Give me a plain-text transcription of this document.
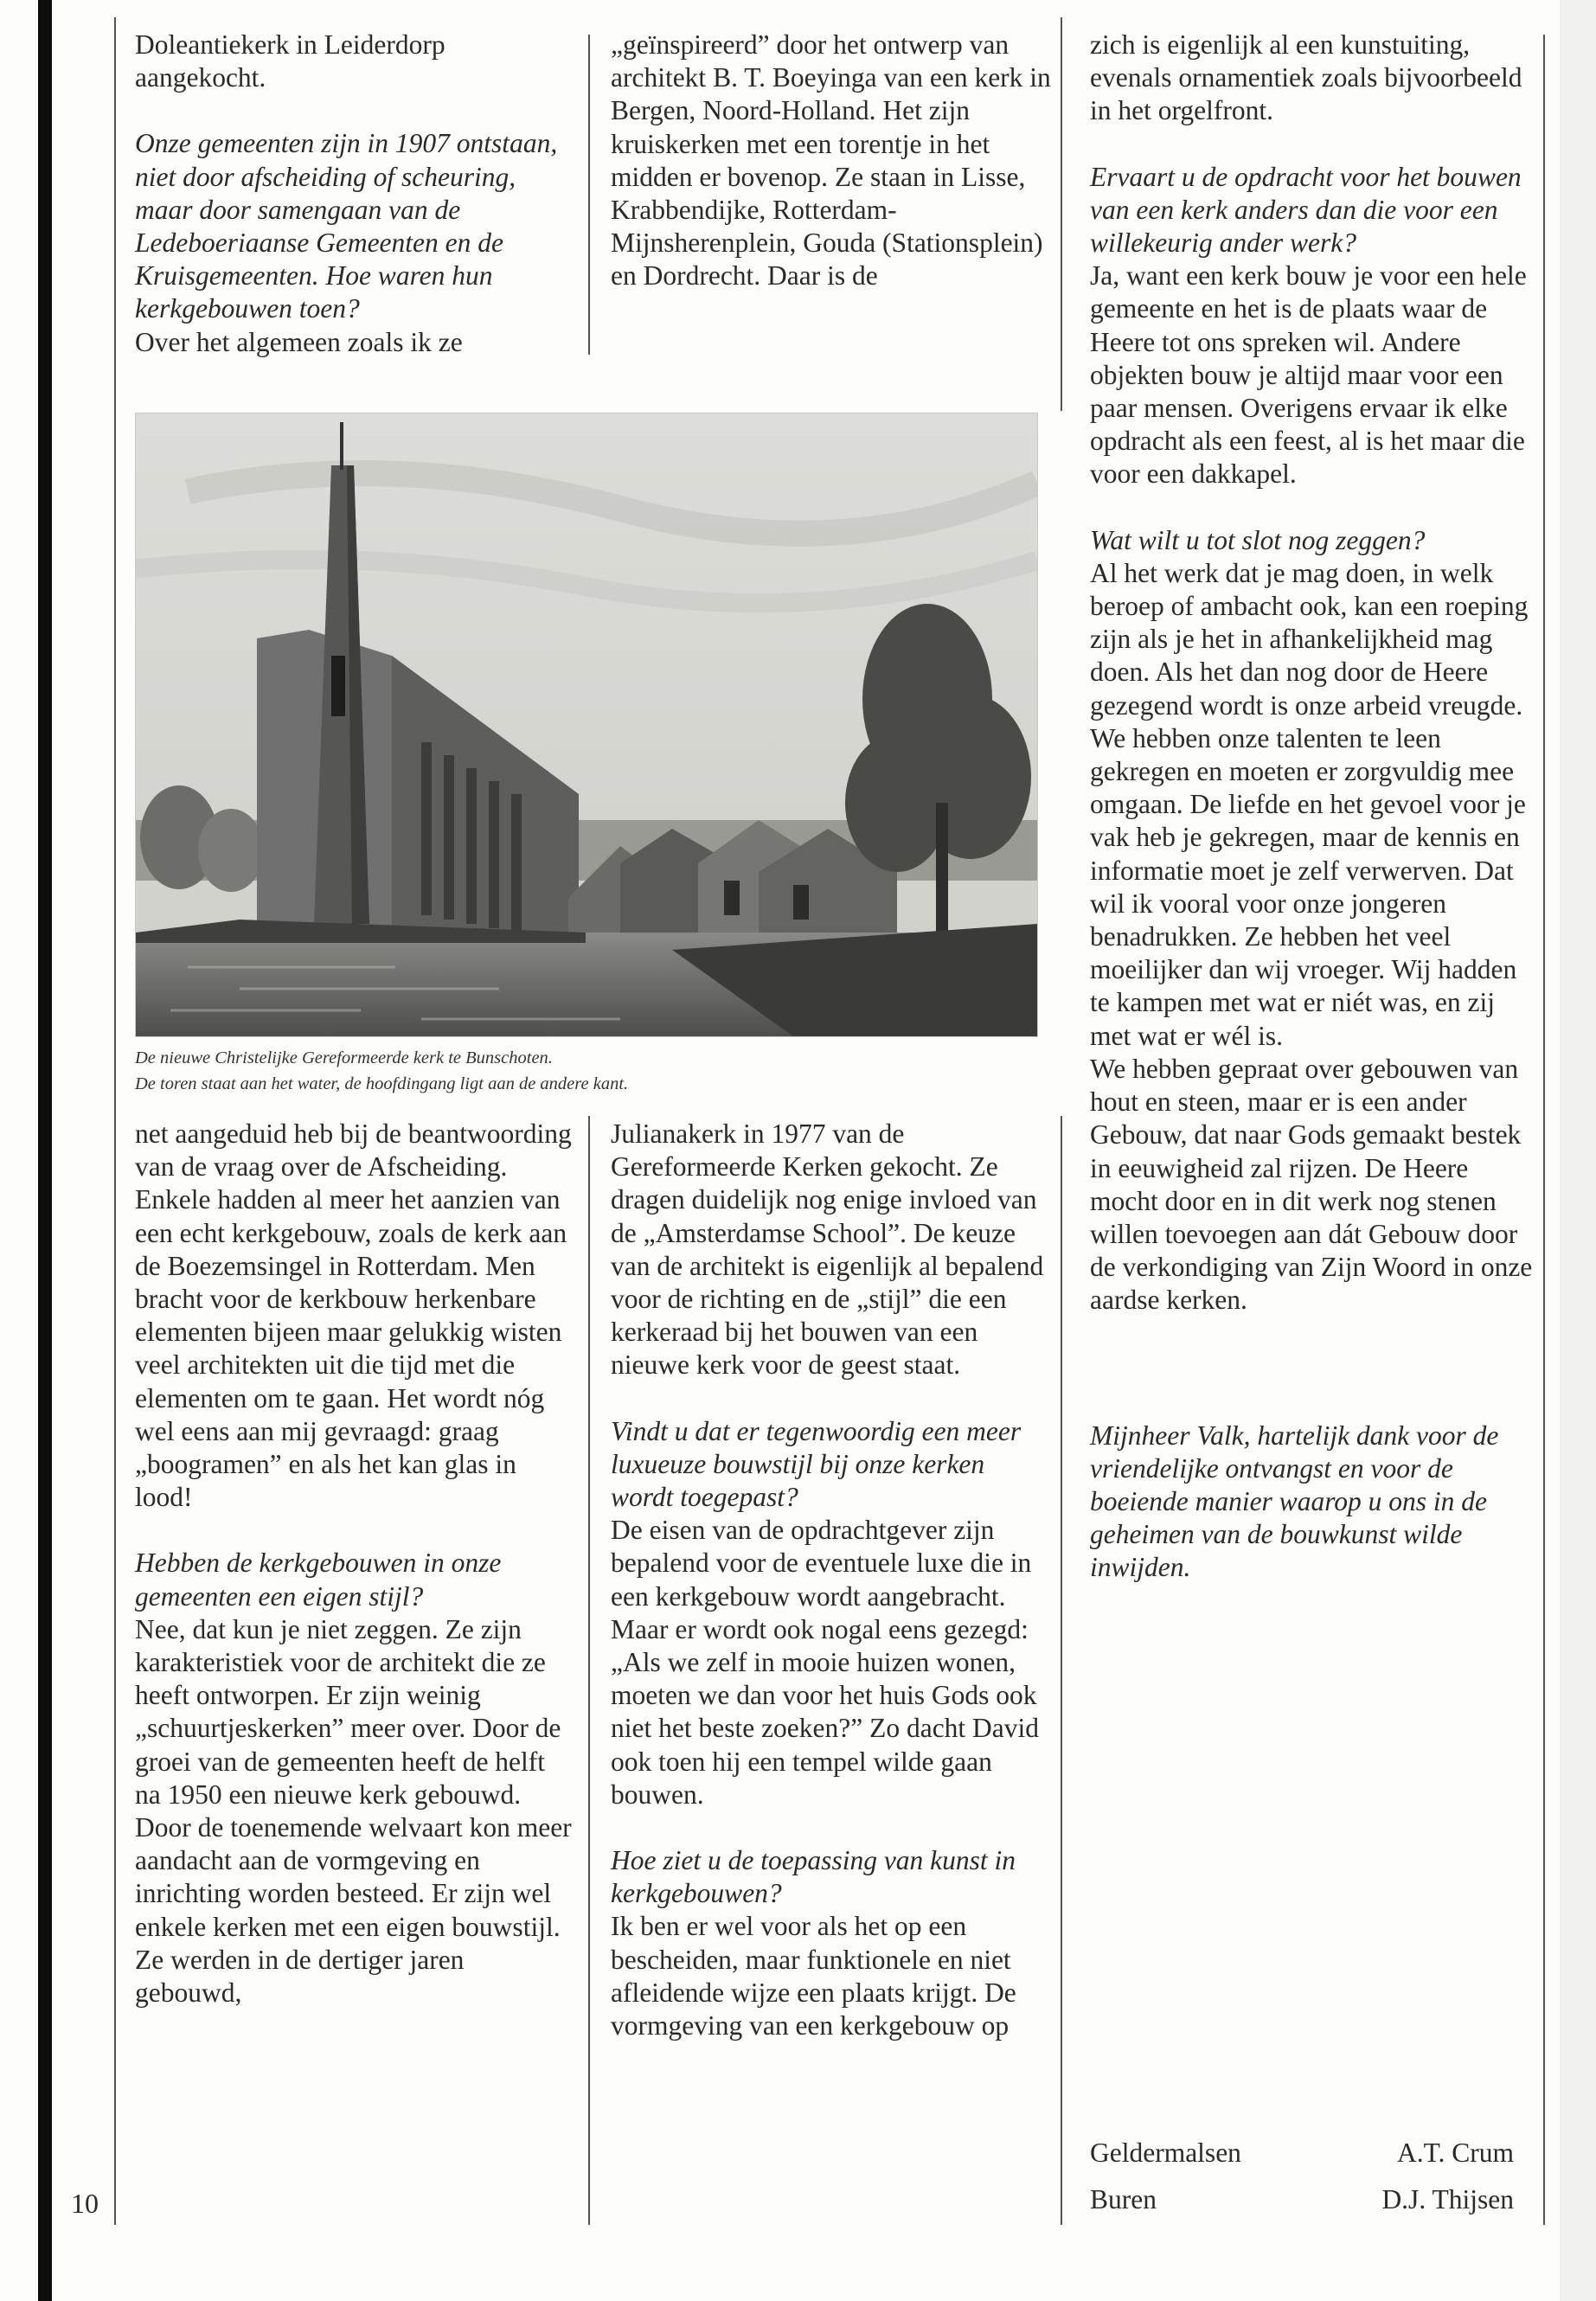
Doleantiekerk in Leiderdorp aangekocht.

Onze gemeenten zijn in 1907 ontstaan, niet door afscheiding of scheuring, maar door samengaan van de Ledeboeriaanse Gemeenten en de Kruisgemeenten. Hoe waren hun kerkgebouwen toen?
Over het algemeen zoals ik ze

„geïnspireerd” door het ontwerp van architekt B. T. Boeyinga van een kerk in Bergen, Noord-Holland. Het zijn kruiskerken met een torentje in het midden er bovenop. Ze staan in Lisse, Krabbendijke, Rotterdam-Mijnsherenplein, Gouda (Stationsplein) en Dordrecht. Daar is de

De nieuwe Christelijke Gereformeerde kerk te Bunschoten.
De toren staat aan het water, de hoofdingang ligt aan de andere kant.

net aangeduid heb bij de beantwoording van de vraag over de Afscheiding. Enkele hadden al meer het aanzien van een echt kerkgebouw, zoals de kerk aan de Boezemsingel in Rotterdam. Men bracht voor de kerkbouw herkenbare elementen bijeen maar gelukkig wisten veel architekten uit die tijd met die elementen om te gaan. Het wordt nóg wel eens aan mij gevraagd: graag „boogramen” en als het kan glas in lood!

Hebben de kerkgebouwen in onze gemeenten een eigen stijl?
Nee, dat kun je niet zeggen. Ze zijn karakteristiek voor de architekt die ze heeft ontworpen. Er zijn weinig „schuurtjeskerken” meer over. Door de groei van de gemeenten heeft de helft na 1950 een nieuwe kerk gebouwd. Door de toenemende welvaart kon meer aandacht aan de vormgeving en inrichting worden besteed. Er zijn wel enkele kerken met een eigen bouwstijl. Ze werden in de dertiger jaren gebouwd,

Julianakerk in 1977 van de Gereformeerde Kerken gekocht. Ze dragen duidelijk nog enige invloed van de „Amsterdamse School”. De keuze van de architekt is eigenlijk al bepalend voor de richting en de „stijl” die een kerkeraad bij het bouwen van een nieuwe kerk voor de geest staat.

Vindt u dat er tegenwoordig een meer luxueuze bouwstijl bij onze kerken wordt toegepast?
De eisen van de opdrachtgever zijn bepalend voor de eventuele luxe die in een kerkgebouw wordt aangebracht. Maar er wordt ook nogal eens gezegd: „Als we zelf in mooie huizen wonen, moeten we dan voor het huis Gods ook niet het beste zoeken?” Zo dacht David ook toen hij een tempel wilde gaan bouwen.

Hoe ziet u de toepassing van kunst in kerkgebouwen?
Ik ben er wel voor als het op een bescheiden, maar funktionele en niet afleidende wijze een plaats krijgt. De vormgeving van een kerkgebouw op

zich is eigenlijk al een kunstuiting, evenals ornamentiek zoals bijvoorbeeld in het orgelfront.

Ervaart u de opdracht voor het bouwen van een kerk anders dan die voor een willekeurig ander werk?
Ja, want een kerk bouw je voor een hele gemeente en het is de plaats waar de Heere tot ons spreken wil. Andere objekten bouw je altijd maar voor een paar mensen. Overigens ervaar ik elke opdracht als een feest, al is het maar die voor een dakkapel.

Wat wilt u tot slot nog zeggen?
Al het werk dat je mag doen, in welk beroep of ambacht ook, kan een roeping zijn als je het in afhankelijkheid mag doen. Als het dan nog door de Heere gezegend wordt is onze arbeid vreugde.
We hebben onze talenten te leen gekregen en moeten er zorgvuldig mee omgaan. De liefde en het gevoel voor je vak heb je gekregen, maar de kennis en informatie moet je zelf verwerven. Dat wil ik vooral voor onze jongeren benadrukken. Ze hebben het veel moeilijker dan wij vroeger. Wij hadden te kampen met wat er niét was, en zij met wat er wél is.
We hebben gepraat over gebouwen van hout en steen, maar er is een ander Gebouw, dat naar Gods gemaakt bestek in eeuwigheid zal rijzen. De Heere mocht door en in dit werk nog stenen willen toevoegen aan dát Gebouw door de verkondiging van Zijn Woord in onze aardse kerken.

Mijnheer Valk, hartelijk dank voor de vriendelijke ontvangst en voor de boeiende manier waarop u ons in de geheimen van de bouwkunst wilde inwijden.

Geldermalsen	A.T. Crum
Buren	D.J. Thijsen
10
